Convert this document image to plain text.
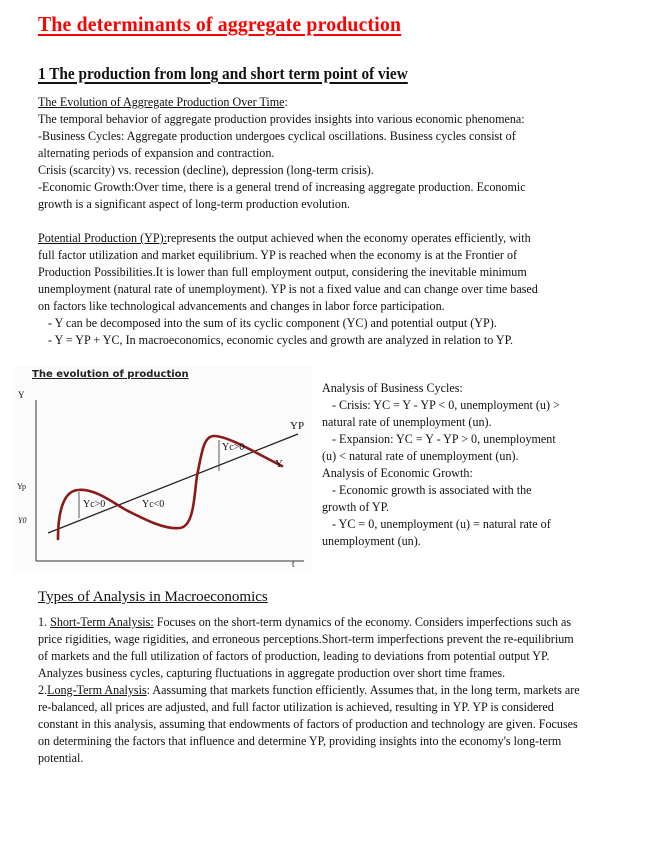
The determinants of aggregate production
1 The production from long and short term point of view
The Evolution of Aggregate Production Over Time:
The temporal behavior of aggregate production provides insights into various economic phenomena:
-Business Cycles: Aggregate production undergoes cyclical oscillations. Business cycles consist of
alternating periods of expansion and contraction.
Crisis (scarcity) vs. recession (decline), depression (long-term crisis).
-Economic Growth:Over time, there is a general trend of increasing aggregate production. Economic
growth is a significant aspect of long-term production evolution.
Potential Production (YP):represents the output achieved when the economy operates efficiently, with
full factor utilization and market equilibrium. YP is reached when the economy is at the Frontier of
Production Possibilities.It is lower than full employment output, considering the inevitable minimum
unemployment (natural rate of unemployment). YP is not a fixed value and can change over time based
on factors like technological advancements and changes in labor force participation.
- Y can be decomposed into the sum of its cyclic component (YC) and potential output (YP).
- Y = YP + YC, In macroeconomics, economic cycles and growth are analyzed in relation to YP.
The evolution of production
Y
Yp
Y0
t
YP
Y
Yc>0	Yc<0
Yc>0
Analysis of Business Cycles:
- Crisis: YC = Y - YP < 0, unemployment (u) >
natural rate of unemployment (un).
- Expansion: YC = Y - YP > 0, unemployment
(u) < natural rate of unemployment (un).
Analysis of Economic Growth:
- Economic growth is associated with the
growth of YP.
- YC = 0, unemployment (u) = natural rate of
unemployment (un).
Types of Analysis in Macroeconomics
1. Short-Term Analysis: Focuses on the short-term dynamics of the economy. Considers imperfections such as
price rigidities, wage rigidities, and erroneous perceptions.Short-term imperfections prevent the re-equilibrium
of markets and the full utilization of factors of production, leading to deviations from potential output YP.
Analyzes business cycles, capturing fluctuations in aggregate production over short time frames.
2.Long-Term Analysis: Aassuming that markets function efficiently. Assumes that, in the long term, markets are
re-balanced, all prices are adjusted, and full factor utilization is achieved, resulting in YP. YP is considered
constant in this analysis, assuming that endowments of factors of production and technology are given. Focuses
on determining the factors that influence and determine YP, providing insights into the economy's long-term
potential.
